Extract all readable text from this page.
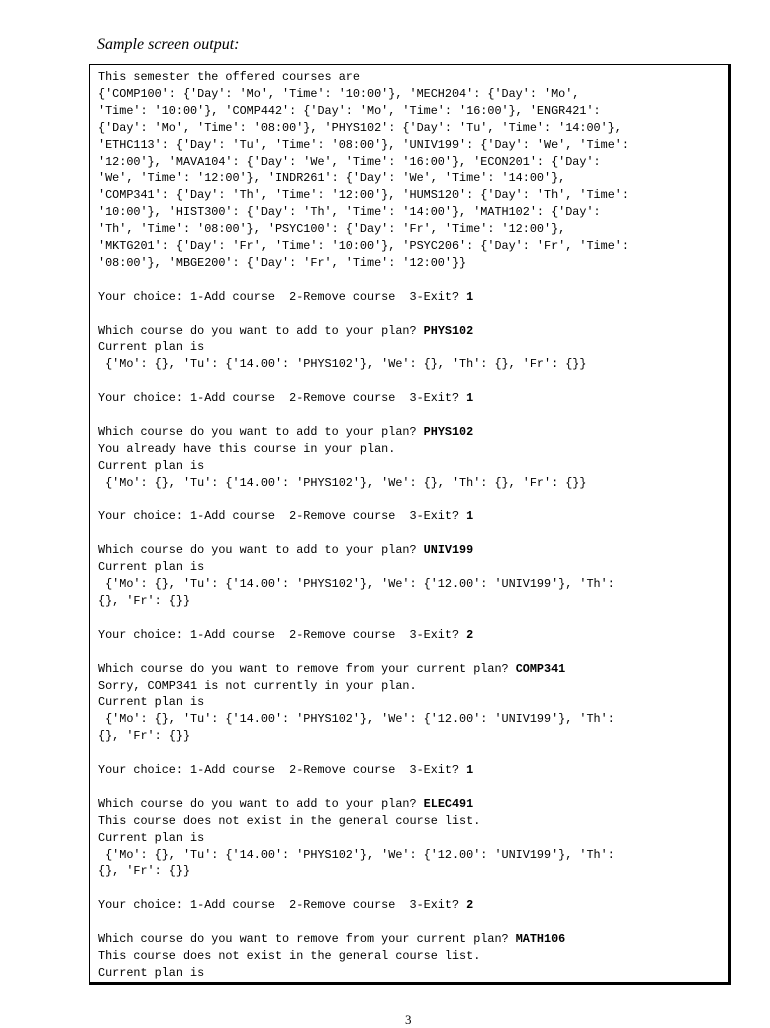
Sample screen output:

This semester the offered courses are
{'COMP100': {'Day': 'Mo', 'Time': '10:00'}, 'MECH204': {'Day': 'Mo',
'Time': '10:00'}, 'COMP442': {'Day': 'Mo', 'Time': '16:00'}, 'ENGR421':
{'Day': 'Mo', 'Time': '08:00'}, 'PHYS102': {'Day': 'Tu', 'Time': '14:00'},
'ETHC113': {'Day': 'Tu', 'Time': '08:00'}, 'UNIV199': {'Day': 'We', 'Time':
'12:00'}, 'MAVA104': {'Day': 'We', 'Time': '16:00'}, 'ECON201': {'Day':
'We', 'Time': '12:00'}, 'INDR261': {'Day': 'We', 'Time': '14:00'},
'COMP341': {'Day': 'Th', 'Time': '12:00'}, 'HUMS120': {'Day': 'Th', 'Time':
'10:00'}, 'HIST300': {'Day': 'Th', 'Time': '14:00'}, 'MATH102': {'Day':
'Th', 'Time': '08:00'}, 'PSYC100': {'Day': 'Fr', 'Time': '12:00'},
'MKTG201': {'Day': 'Fr', 'Time': '10:00'}, 'PSYC206': {'Day': 'Fr', 'Time':
'08:00'}, 'MBGE200': {'Day': 'Fr', 'Time': '12:00'}}
Your choice: 1-Add course  2-Remove course  3-Exit? 1
Which course do you want to add to your plan? PHYS102
Current plan is
{'Mo': {}, 'Tu': {'14.00': 'PHYS102'}, 'We': {}, 'Th': {}, 'Fr': {}}
Your choice: 1-Add course  2-Remove course  3-Exit? 1
Which course do you want to add to your plan? PHYS102
You already have this course in your plan.
Current plan is
{'Mo': {}, 'Tu': {'14.00': 'PHYS102'}, 'We': {}, 'Th': {}, 'Fr': {}}
Your choice: 1-Add course  2-Remove course  3-Exit? 1
Which course do you want to add to your plan? UNIV199
Current plan is
{'Mo': {}, 'Tu': {'14.00': 'PHYS102'}, 'We': {'12.00': 'UNIV199'}, 'Th':
{}, 'Fr': {}}
Your choice: 1-Add course  2-Remove course  3-Exit? 2
Which course do you want to remove from your current plan? COMP341
Sorry, COMP341 is not currently in your plan.
Current plan is
{'Mo': {}, 'Tu': {'14.00': 'PHYS102'}, 'We': {'12.00': 'UNIV199'}, 'Th':
{}, 'Fr': {}}
Your choice: 1-Add course  2-Remove course  3-Exit? 1
Which course do you want to add to your plan? ELEC491
This course does not exist in the general course list.
Current plan is
{'Mo': {}, 'Tu': {'14.00': 'PHYS102'}, 'We': {'12.00': 'UNIV199'}, 'Th':
{}, 'Fr': {}}
Your choice: 1-Add course  2-Remove course  3-Exit? 2
Which course do you want to remove from your current plan? MATH106
This course does not exist in the general course list.
Current plan is
3
